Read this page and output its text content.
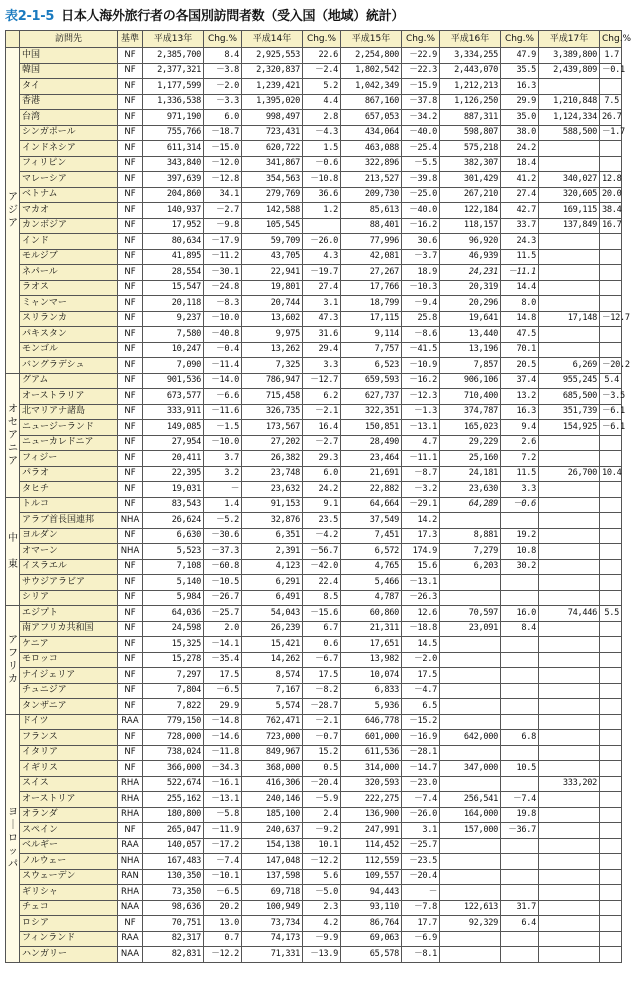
表2-1-5 日本人海外旅行者の各国別訪問者数（受入国（地域）統計）
	訪問先	基準	平成13年	Chg.%	平成14年	Chg.%	平成15年	Chg.%	平成16年	Chg.%	平成17年	Chg.%
ア
ジ
ア	中国	NF	2,385,700	8.4	2,925,553	22.6	2,254,800	－22.9	3,334,255	47.9	3,389,800	1.7
	韓国	NF	2,377,321	－3.8	2,320,837	－2.4	1,802,542	－22.3	2,443,070	35.5	2,439,809	－0.1
	タイ	NF	1,177,599	－2.0	1,239,421	5.2	1,042,349	－15.9	1,212,213	16.3		
	香港	NF	1,336,538	－3.3	1,395,020	4.4	867,160	－37.8	1,126,250	29.9	1,210,848	7.5
	台湾	NF	971,190	6.0	998,497	2.8	657,053	－34.2	887,311	35.0	1,124,334	26.7
	シンガポール	NF	755,766	－18.7	723,431	－4.3	434,064	－40.0	598,807	38.0	588,500	－1.7
	インドネシア	NF	611,314	－15.0	620,722	1.5	463,088	－25.4	575,218	24.2		
	フィリピン	NF	343,840	－12.0	341,867	－0.6	322,896	－5.5	382,307	18.4		
	マレーシア	NF	397,639	－12.8	354,563	－10.8	213,527	－39.8	301,429	41.2	340,027	12.8
	ベトナム	NF	204,860	34.1	279,769	36.6	209,730	－25.0	267,210	27.4	320,605	20.0
	マカオ	NF	140,937	－2.7	142,588	1.2	85,613	－40.0	122,184	42.7	169,115	38.4
	カンボジア	NF	17,952	－9.8	105,545		88,401	－16.2	118,157	33.7	137,849	16.7
	インド	NF	80,634	－17.9	59,709	－26.0	77,996	30.6	96,920	24.3		
	モルジブ	NF	41,895	－11.2	43,705	4.3	42,081	－3.7	46,939	11.5		
	ネパール	NF	28,554	－30.1	22,941	－19.7	27,267	18.9	24,231	－11.1		
	ラオス	NF	15,547	－24.8	19,801	27.4	17,766	－10.3	20,319	14.4		
	ミャンマー	NF	20,118	－8.3	20,744	3.1	18,799	－9.4	20,296	8.0		
	スリランカ	NF	9,237	－10.0	13,602	47.3	17,115	25.8	19,641	14.8	17,148	－12.7
	パキスタン	NF	7,580	－40.8	9,975	31.6	9,114	－8.6	13,440	47.5		
	モンゴル	NF	10,247	－0.4	13,262	29.4	7,757	－41.5	13,196	70.1		
	バングラデシュ	NF	7,090	－11.4	7,325	3.3	6,523	－10.9	7,857	20.5	6,269	－20.2
オ
セ
ア
ニ
ア	グアム	NF	901,536	－14.0	786,947	－12.7	659,593	－16.2	906,106	37.4	955,245	5.4
	オーストラリア	NF	673,577	－6.6	715,458	6.2	627,737	－12.3	710,400	13.2	685,500	－3.5
	北マリアナ諸島	NF	333,911	－11.6	326,735	－2.1	322,351	－1.3	374,787	16.3	351,739	－6.1
	ニュージーランド	NF	149,085	－1.5	173,567	16.4	150,851	－13.1	165,023	9.4	154,925	－6.1
	ニューカレドニア	NF	27,954	－10.0	27,202	－2.7	28,490	4.7	29,229	2.6		
	フィジー	NF	20,411	3.7	26,382	29.3	23,464	－11.1	25,160	7.2		
	パラオ	NF	22,395	3.2	23,748	6.0	21,691	－8.7	24,181	11.5	26,700	10.4
	タヒチ	NF	19,031	－	23,632	24.2	22,882	－3.2	23,630	3.3		
中

東	トルコ	NF	83,543	1.4	91,153	9.1	64,664	－29.1	64,289	－0.6		
	アラブ首長国連邦	NHA	26,624	－5.2	32,876	23.5	37,549	14.2				
	ヨルダン	NF	6,630	－30.6	6,351	－4.2	7,451	17.3	8,881	19.2		
	オマーン	NHA	5,523	－37.3	2,391	－56.7	6,572	174.9	7,279	10.8		
	イスラエル	NF	7,108	－60.8	4,123	－42.0	4,765	15.6	6,203	30.2		
	サウジアラビア	NF	5,140	－10.5	6,291	22.4	5,466	－13.1				
	シリア	NF	5,984	－26.7	6,491	8.5	4,787	－26.3				
ア
フ
リ
カ	エジプト	NF	64,036	－25.7	54,043	－15.6	60,860	12.6	70,597	16.0	74,446	5.5
	南アフリカ共和国	NF	24,598	2.0	26,239	6.7	21,311	－18.8	23,091	8.4		
	ケニア	NF	15,325	－14.1	15,421	0.6	17,651	14.5				
	モロッコ	NF	15,278	－35.4	14,262	－6.7	13,982	－2.0				
	ナイジェリア	NF	7,297	17.5	8,574	17.5	10,074	17.5				
	チュニジア	NF	7,804	－6.5	7,167	－8.2	6,833	－4.7				
	タンザニア	NF	7,822	29.9	5,574	－28.7	5,936	6.5				
ヨ
｜
ロ
ッ
パ	ドイツ	RAA	779,150	－14.8	762,471	－2.1	646,778	－15.2				
	フランス	NF	728,000	－14.6	723,000	－0.7	601,000	－16.9	642,000	6.8		
	イタリア	NF	738,024	－11.8	849,967	15.2	611,536	－28.1				
	イギリス	NF	366,000	－34.3	368,000	0.5	314,000	－14.7	347,000	10.5		
	スイス	RHA	522,674	－16.1	416,306	－20.4	320,593	－23.0			333,202	
	オーストリア	RHA	255,162	－13.1	240,146	－5.9	222,275	－7.4	256,541	－7.4		
	オランダ	RHA	180,800	－5.8	185,100	2.4	136,900	－26.0	164,000	19.8		
	スペイン	NF	265,047	－11.9	240,637	－9.2	247,991	3.1	157,000	－36.7		
	ベルギー	RAA	140,057	－17.2	154,138	10.1	114,452	－25.7				
	ノルウェー	NHA	167,483	－7.4	147,048	－12.2	112,559	－23.5				
	スウェーデン	RAN	130,350	－10.1	137,598	5.6	109,557	－20.4				
	ギリシャ	RHA	73,350	－6.5	69,718	－5.0	94,443	－				
	チェコ	NAA	98,636	20.2	100,949	2.3	93,110	－7.8	122,613	31.7		
	ロシア	NF	70,751	13.0	73,734	4.2	86,764	17.7	92,329	6.4		
	フィンランド	RAA	82,317	0.7	74,173	－9.9	69,063	－6.9				
	ハンガリー	NAA	82,831	－12.2	71,331	－13.9	65,578	－8.1				
